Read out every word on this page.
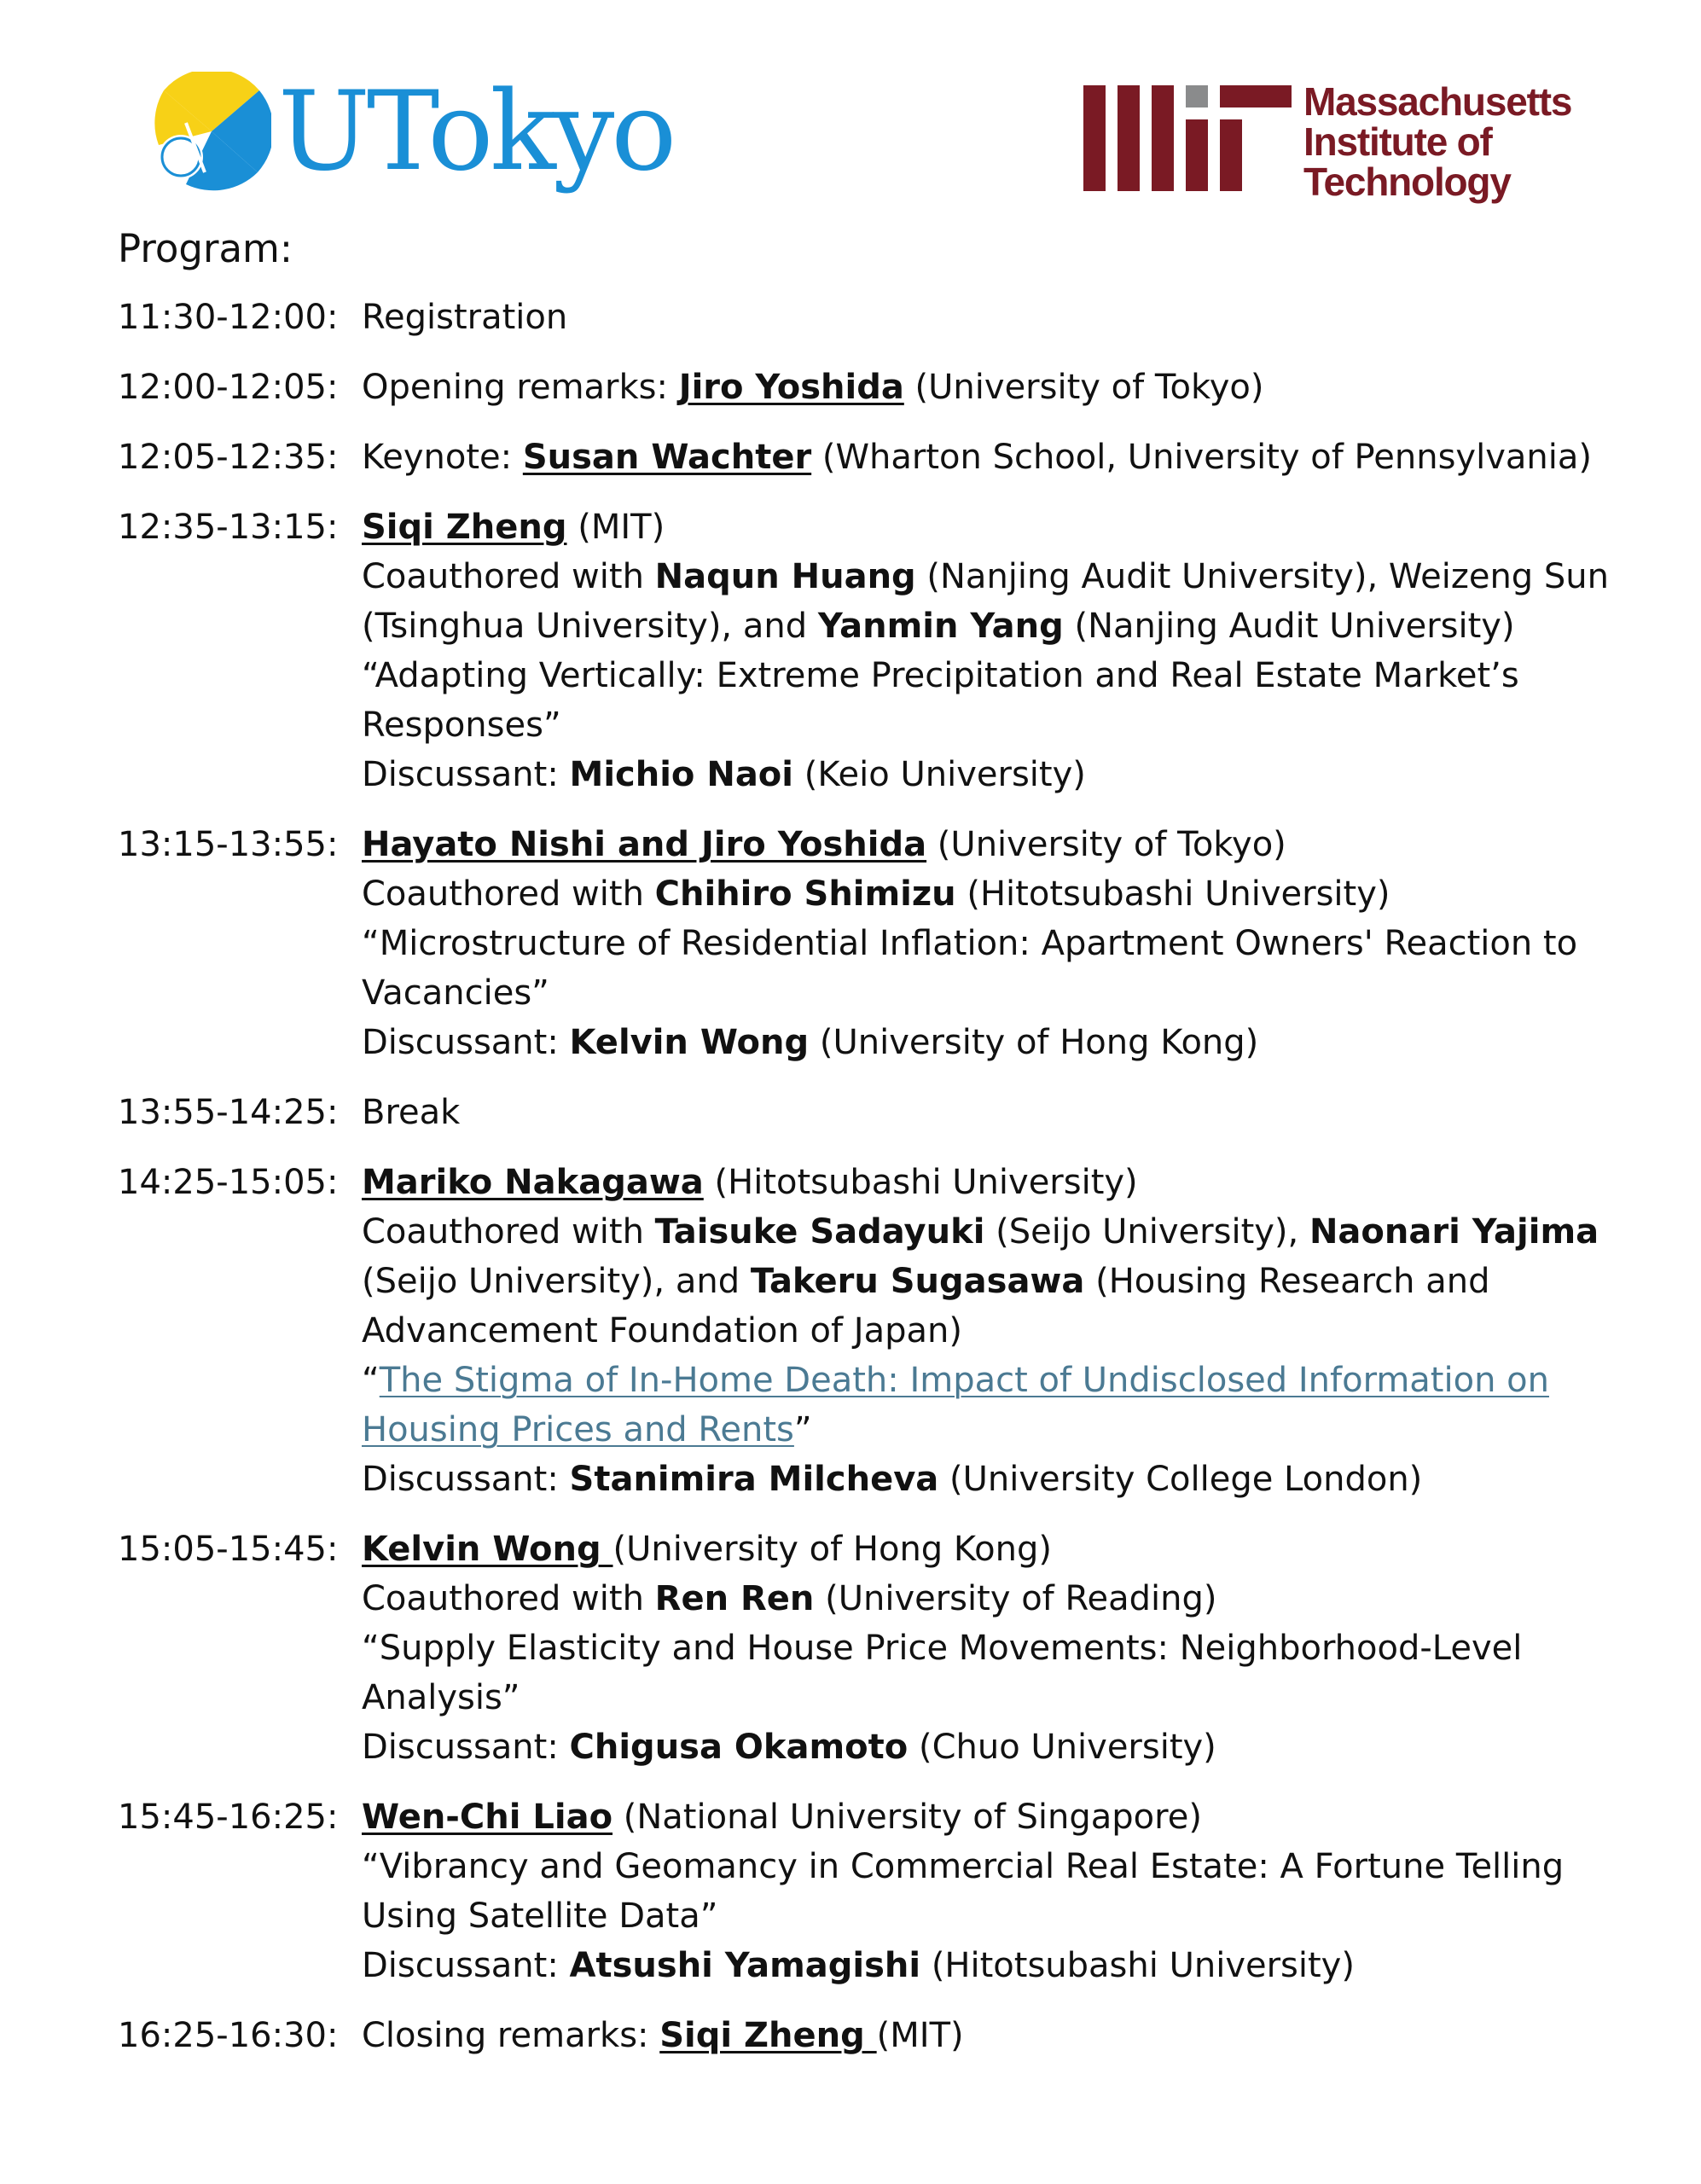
UTokyo	Massachusetts
Institute of
Technology
Program:
11:30-12:00: Registration
12:00-12:05: Opening remarks: Jiro Yoshida (University of Tokyo)
12:05-12:35: Keynote: Susan Wachter (Wharton School, University of Pennsylvania)
12:35-13:15: Siqi Zheng (MIT)
Coauthored with Naqun Huang (Nanjing Audit University), Weizeng Sun
(Tsinghua University), and Yanmin Yang (Nanjing Audit University)
“Adapting Vertically: Extreme Precipitation and Real Estate Market’s
Responses”
Discussant: Michio Naoi (Keio University)
13:15-13:55: Hayato Nishi and Jiro Yoshida (University of Tokyo)
Coauthored with Chihiro Shimizu (Hitotsubashi University)
“Microstructure of Residential Inflation: Apartment Owners' Reaction to
Vacancies”
Discussant: Kelvin Wong (University of Hong Kong)
13:55-14:25: Break
14:25-15:05: Mariko Nakagawa (Hitotsubashi University)
Coauthored with Taisuke Sadayuki (Seijo University), Naonari Yajima
(Seijo University), and Takeru Sugasawa (Housing Research and
Advancement Foundation of Japan)
“The Stigma of In-Home Death: Impact of Undisclosed Information on
Housing Prices and Rents”
Discussant: Stanimira Milcheva (University College London)
15:05-15:45: Kelvin Wong (University of Hong Kong)
Coauthored with Ren Ren (University of Reading)
“Supply Elasticity and House Price Movements: Neighborhood-Level
Analysis”
Discussant: Chigusa Okamoto (Chuo University)
15:45-16:25: Wen-Chi Liao (National University of Singapore)
“Vibrancy and Geomancy in Commercial Real Estate: A Fortune Telling
Using Satellite Data”
Discussant: Atsushi Yamagishi (Hitotsubashi University)
16:25-16:30: Closing remarks: Siqi Zheng (MIT)
